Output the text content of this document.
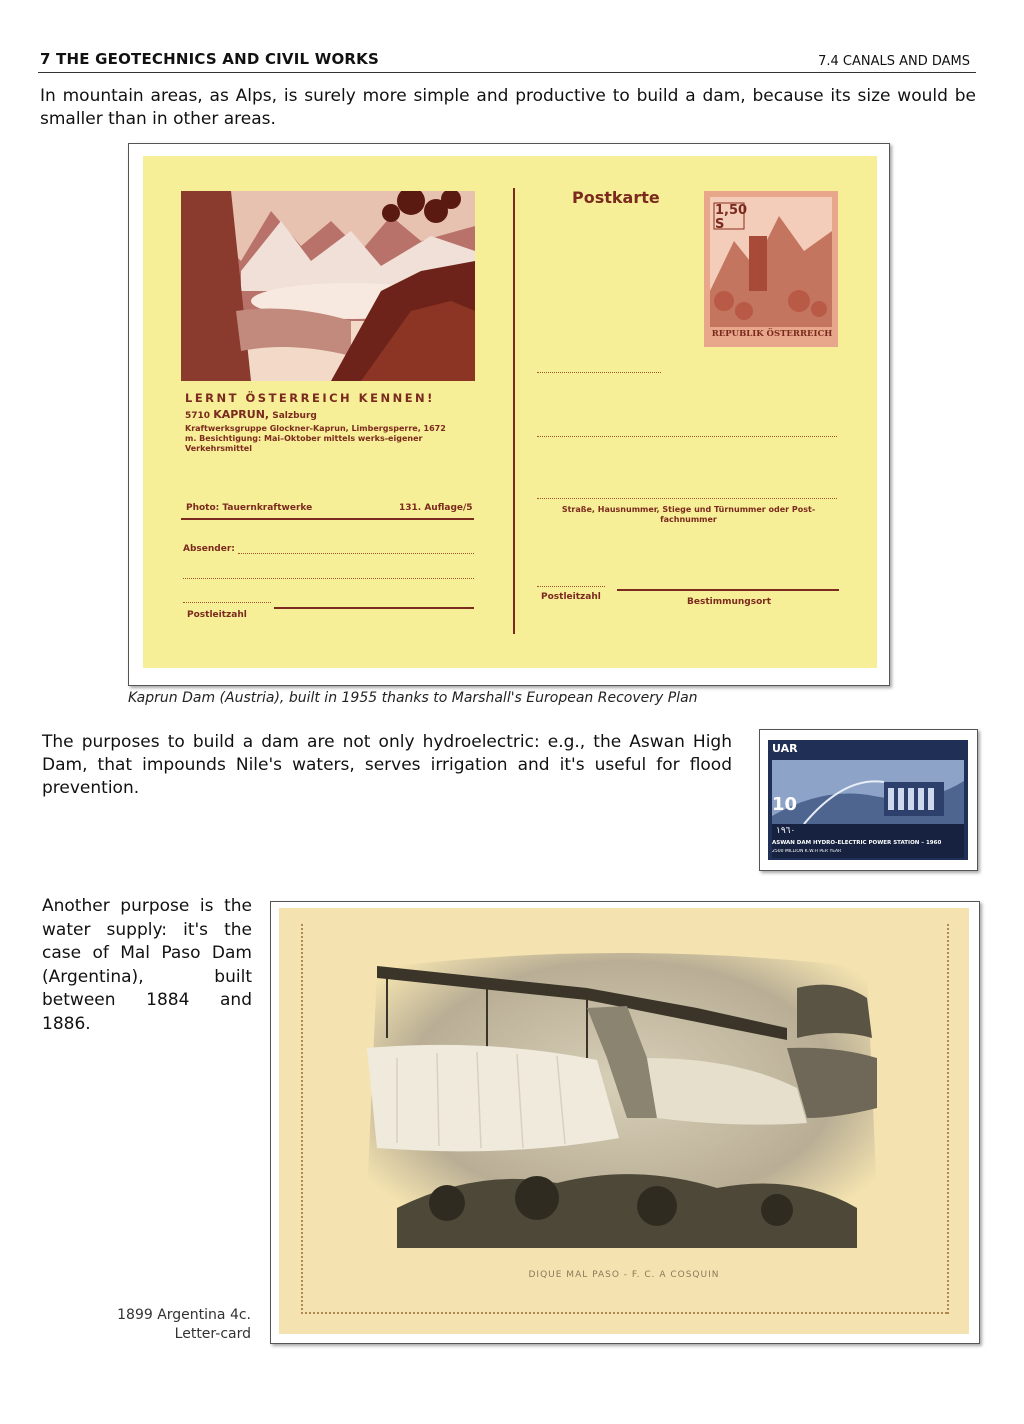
7 THE GEOTECHNICS AND CIVIL WORKS	7.4 CANALS AND DAMS
In mountain areas, as Alps, is surely more simple and productive to build a dam, because its size would be smaller than in other areas.
LERNT ÖSTERREICH KENNEN!
5710 KAPRUN, Salzburg
Kraftwerksgruppe Glockner-Kaprun, Limbergsperre, 1672 m. Besichtigung: Mai–Oktober mittels werks-eigener Verkehrsmittel
Photo: Tauernkraftwerke	131. Auflage/5
Absender:
Postleitzahl
Postkarte
1,50 S
REPUBLIK ÖSTERREICH
Straße, Hausnummer, Stiege und Türnummer oder Post-fachnummer
Postleitzahl	Bestimmungsort
Kaprun Dam (Austria), built in 1955 thanks to Marshall's European Recovery Plan
The purposes to build a dam are not only hydroelectric: e.g., the Aswan High Dam, that impounds Nile's waters, serves irrigation and it's useful for flood prevention.
UAR
10
١٩٦٠
ASWAN DAM HYDRO-ELECTRIC POWER STATION – 1960
2500 MILLION K.W.H PER YEAR
Another purpose is the water supply: it's the case of Mal Paso Dam (Argentina), built between 1884 and 1886.
DIQUE MAL PASO - F. C. A COSQUIN
1899 Argentina 4c.
Letter-card
